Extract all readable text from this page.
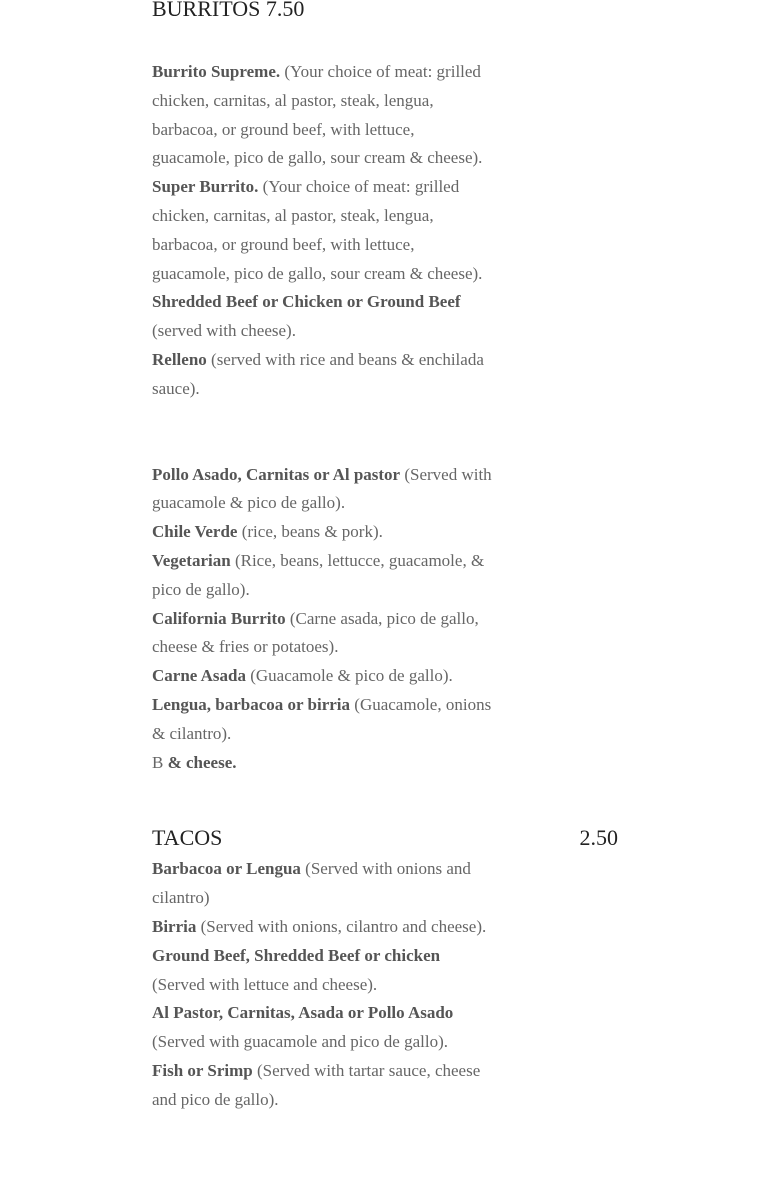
BURRITOS 7.50

Burrito Supreme. (Your choice of meat: grilled chicken, carnitas, al pastor, steak, lengua, barbacoa, or ground beef, with lettuce, guacamole, pico de gallo, sour cream & cheese).

Super Burrito. (Your choice of meat: grilled chicken, carnitas, al pastor, steak, lengua, barbacoa, or ground beef, with lettuce, guacamole, pico de gallo, sour cream & cheese).

Shredded Beef or Chicken or Ground Beef (served with cheese).

Relleno (served with rice and beans & enchilada sauce).

Pollo Asado, Carnitas or Al pastor (Served with guacamole & pico de gallo).

Chile Verde (rice, beans & pork).

Vegetarian (Rice, beans, lettucce, guacamole, & pico de gallo).

California Burrito (Carne asada, pico de gallo, cheese & fries or potatoes).

Carne Asada (Guacamole & pico de gallo).

Lengua, barbacoa or birria (Guacamole, onions & cilantro).

B & cheese.

TACOS	2.50

Barbacoa or Lengua (Served with onions and cilantro)

Birria (Served with onions, cilantro and cheese).

Ground Beef, Shredded Beef or chicken (Served with lettuce and cheese).

Al Pastor, Carnitas, Asada or Pollo Asado (Served with guacamole and pico de gallo).

Fish or Srimp (Served with tartar sauce, cheese and pico de gallo).
